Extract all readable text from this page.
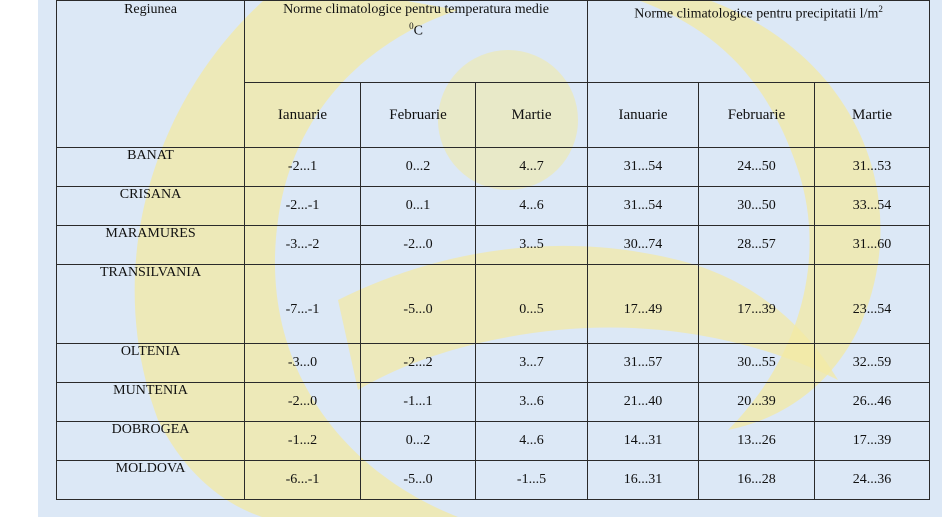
Regiunea	Norme climatologice pentru temperatura medie
$^0$C			Norme climatologice pentru precipitatii $l/m^2$
	Ianuarie	Februarie	Martie	Ianuarie	Februarie	Martie
BANAT	-2...1	0...2	4...7	31...54	24...50	31...53
CRISANA	-2...-1	0...1	4...6	31...54	30...50	33...54
MARAMURES	-3...-2	-2...0	3...5	30...74	28...57	31...60
TRANSILVANIA	-7...-1	-5...0	0...5	17...49	17...39	23...54
OLTENIA	-3...0	-2...2	3...7	31...57	30...55	32...59
MUNTENIA	-2...0	-1...1	3...6	21...40	20...39	26...46
DOBROGEA	-1...2	0...2	4...6	14...31	13...26	17...39
MOLDOVA	-6...-1	-5...0	-1...5	16...31	16...28	24...36
